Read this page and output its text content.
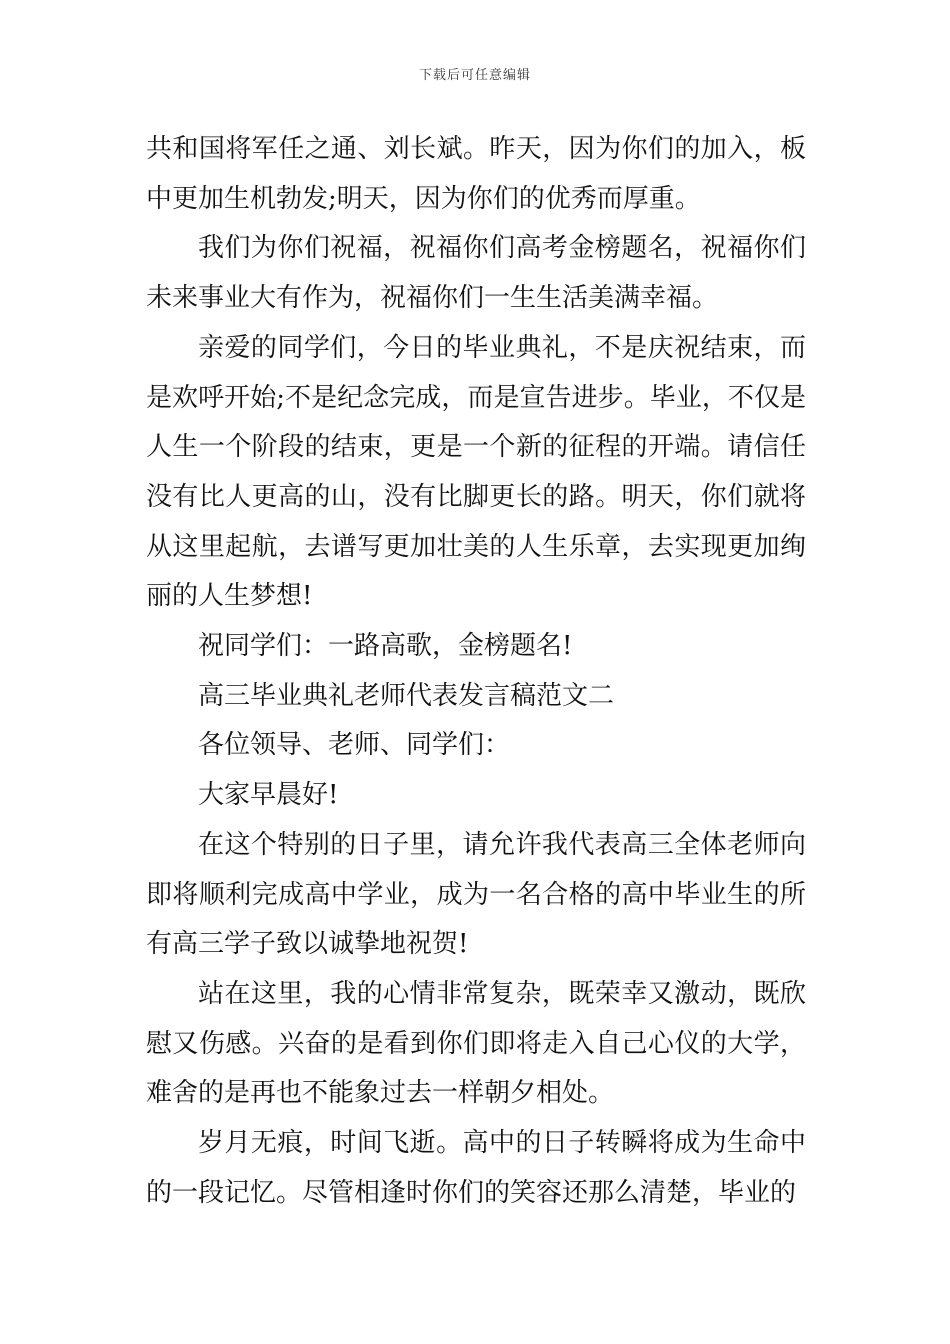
下载后可任意编辑

共和国将军任之通、刘长斌。昨天，因为你们的加入，板中更加生机勃发;明天，因为你们的优秀而厚重。

我们为你们祝福，祝福你们高考金榜题名，祝福你们未来事业大有作为，祝福你们一生生活美满幸福。

亲爱的同学们，今日的毕业典礼，不是庆祝结束，而是欢呼开始;不是纪念完成，而是宣告进步。毕业，不仅是人生一个阶段的结束，更是一个新的征程的开端。请信任没有比人更高的山，没有比脚更长的路。明天，你们就将从这里起航，去谱写更加壮美的人生乐章，去实现更加绚丽的人生梦想!

祝同学们：一路高歌，金榜题名!

高三毕业典礼老师代表发言稿范文二

各位领导、老师、同学们：

大家早晨好!

在这个特别的日子里，请允许我代表高三全体老师向即将顺利完成高中学业，成为一名合格的高中毕业生的所有高三学子致以诚挚地祝贺!

站在这里，我的心情非常复杂，既荣幸又激动，既欣慰又伤感。兴奋的是看到你们即将走入自己心仪的大学，难舍的是再也不能象过去一样朝夕相处。

岁月无痕，时间飞逝。高中的日子转瞬将成为生命中的一段记忆。尽管相逢时你们的笑容还那么清楚，毕业的
